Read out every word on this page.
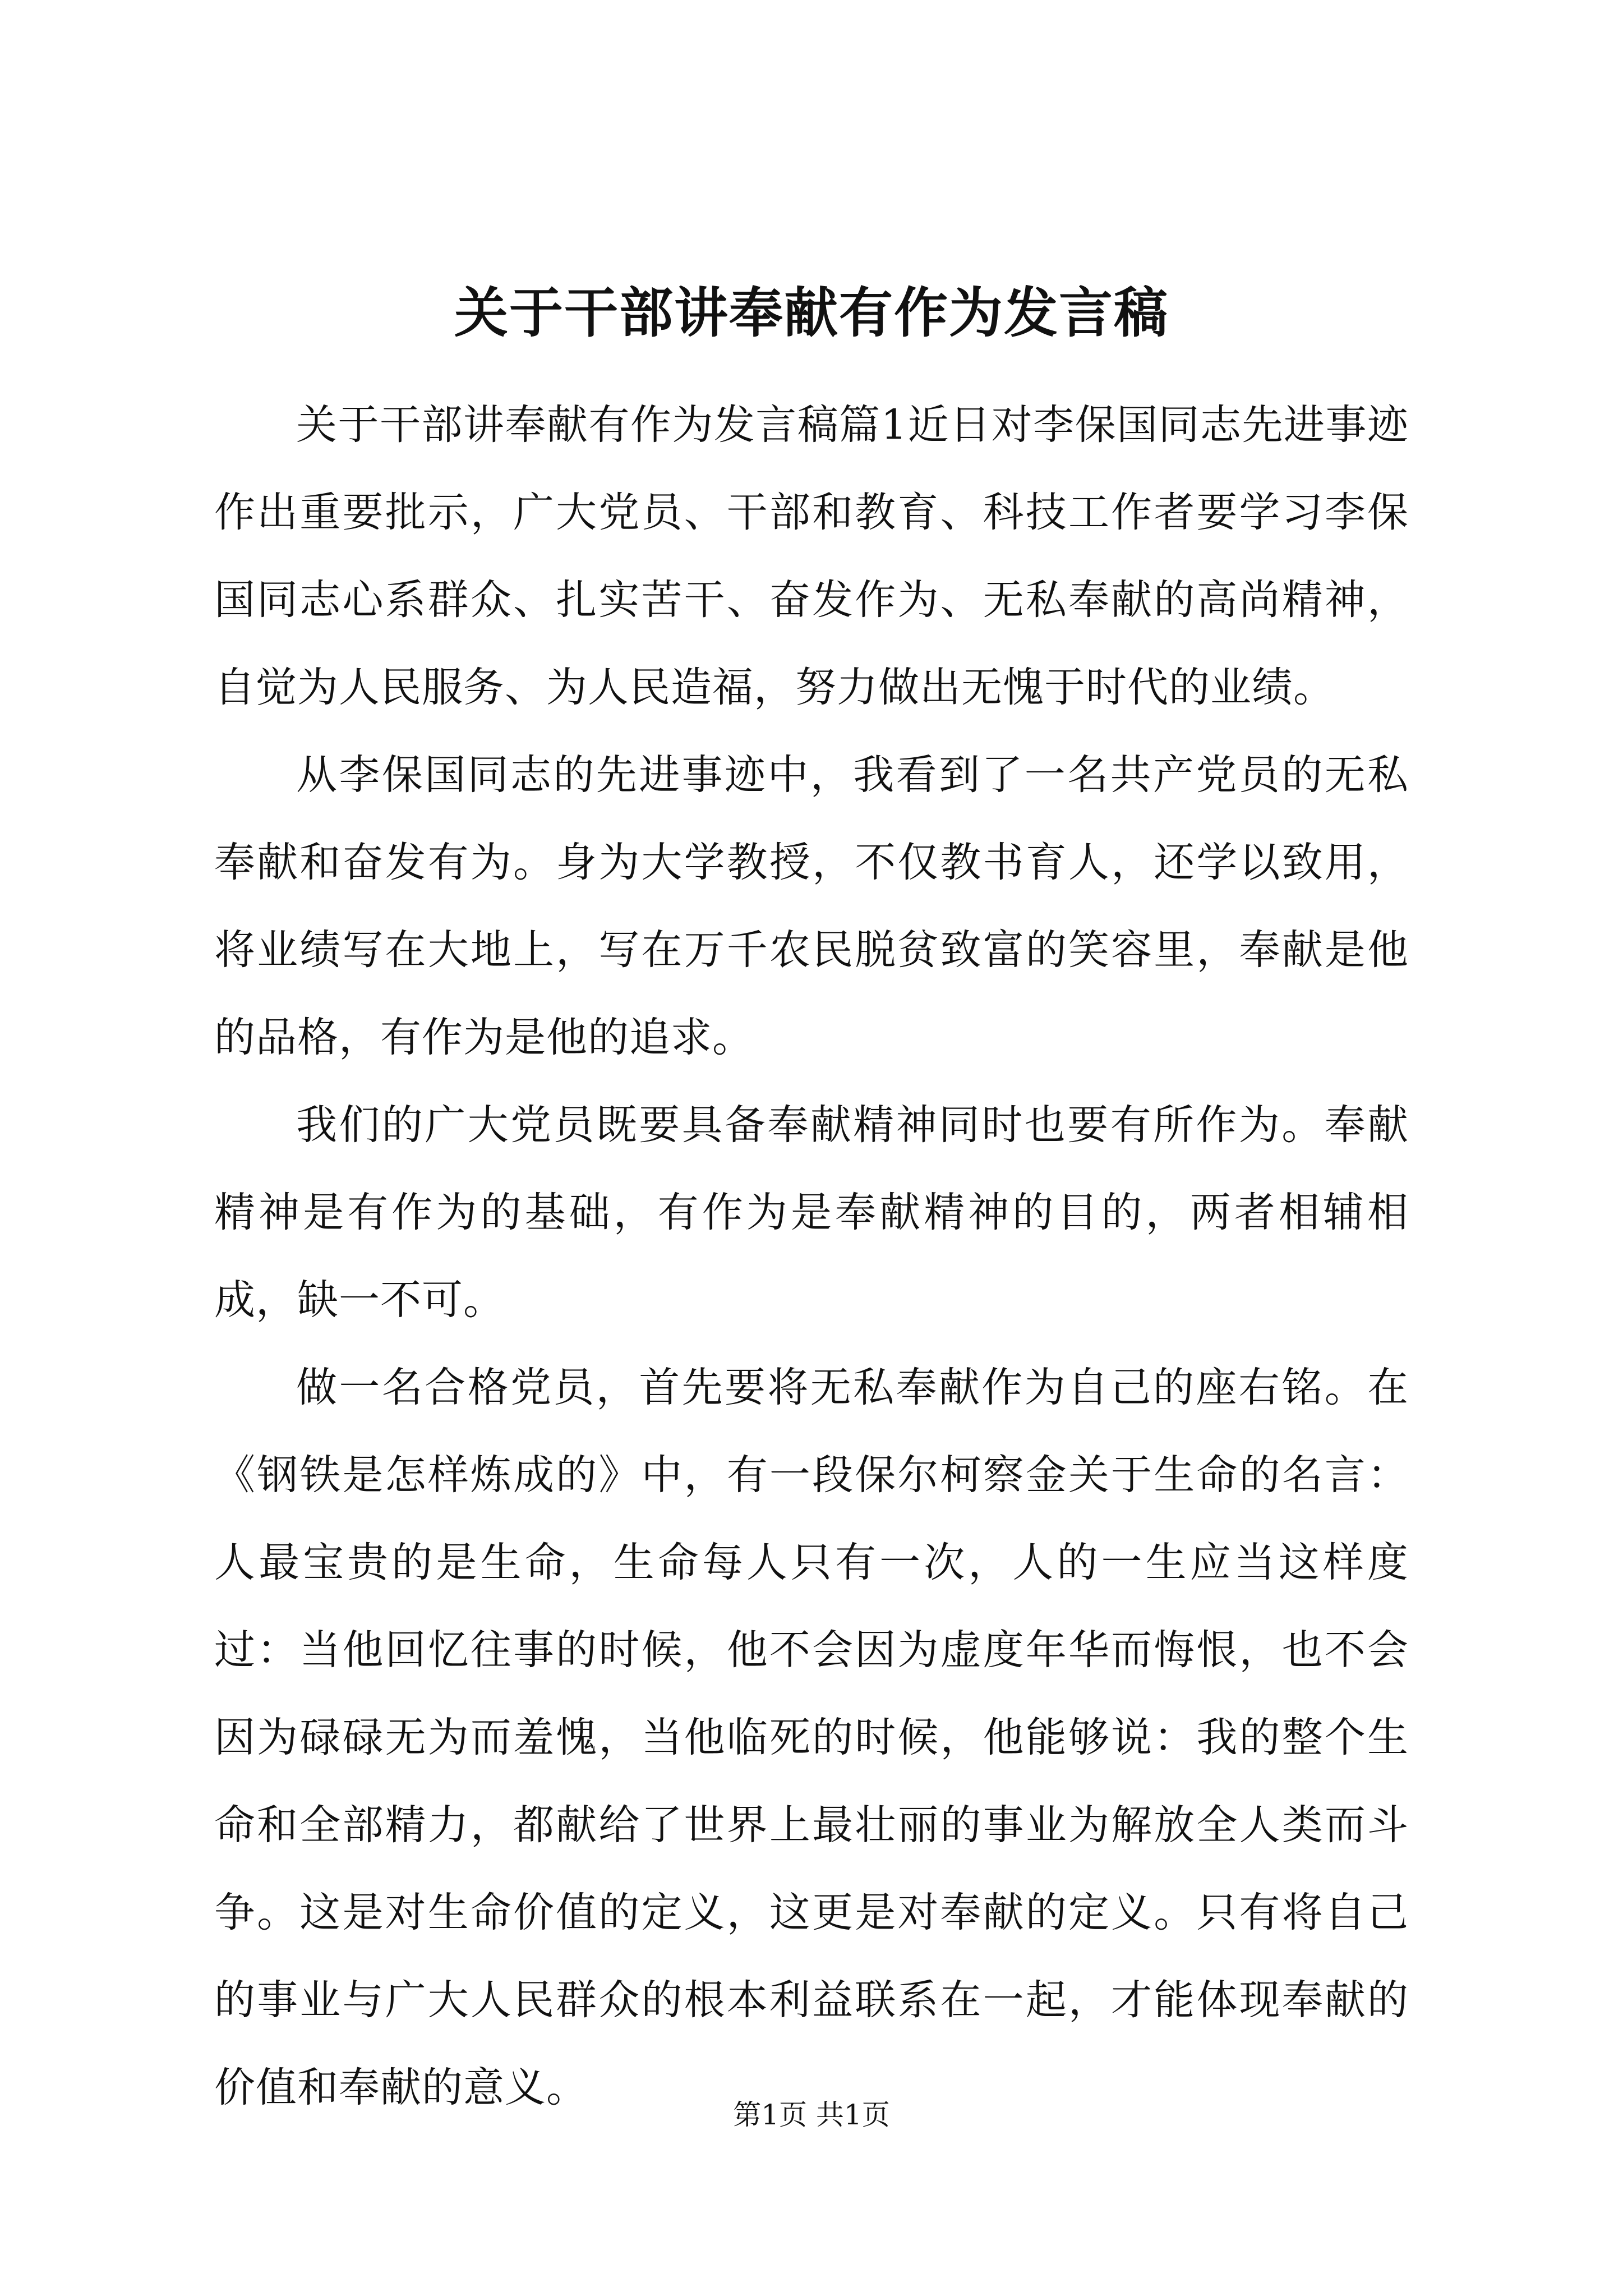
关于干部讲奉献有作为发言稿

关于干部讲奉献有作为发言稿篇1近日对李保国同志先进事迹作出重要批示，广大党员、干部和教育、科技工作者要学习李保国同志心系群众、扎实苦干、奋发作为、无私奉献的高尚精神，自觉为人民服务、为人民造福，努力做出无愧于时代的业绩。

从李保国同志的先进事迹中，我看到了一名共产党员的无私奉献和奋发有为。身为大学教授，不仅教书育人，还学以致用，将业绩写在大地上，写在万千农民脱贫致富的笑容里，奉献是他的品格，有作为是他的追求。

我们的广大党员既要具备奉献精神同时也要有所作为。奉献精神是有作为的基础，有作为是奉献精神的目的，两者相辅相成，缺一不可。

做一名合格党员，首先要将无私奉献作为自己的座右铭。在《钢铁是怎样炼成的》中，有一段保尔柯察金关于生命的名言：人最宝贵的是生命，生命每人只有一次，人的一生应当这样度过：当他回忆往事的时候，他不会因为虚度年华而悔恨，也不会因为碌碌无为而羞愧，当他临死的时候，他能够说：我的整个生命和全部精力，都献给了世界上最壮丽的事业为解放全人类而斗争。这是对生命价值的定义，这更是对奉献的定义。只有将自己的事业与广大人民群众的根本利益联系在一起，才能体现奉献的价值和奉献的意义。

第1页 共1页
